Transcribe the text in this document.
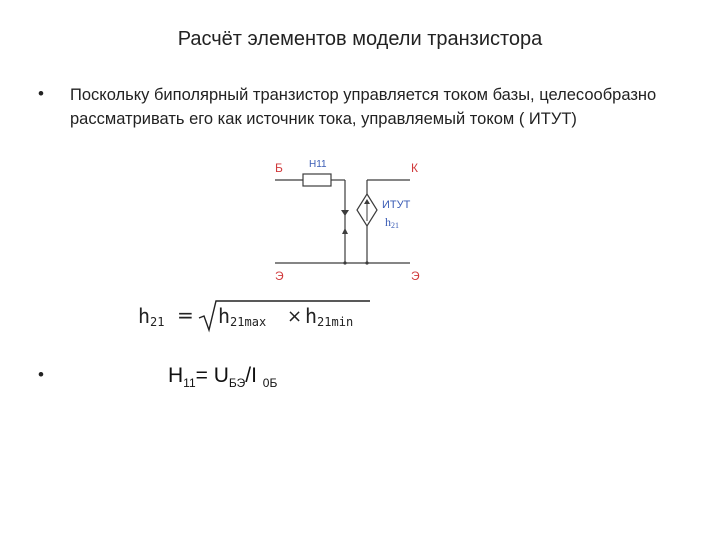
Расчёт элементов модели транзистора
• Поскольку биполярный транзистор управляется током базы, целесообразно рассматривать его как источник тока, управляемый током ( ИТУТ)
Б	Н11	К
ИТУТ
h21
Э	Э
h21 = h21max × h21min
•	$H_{11}= U_{БЭ}/I$ $_{0Б}$
